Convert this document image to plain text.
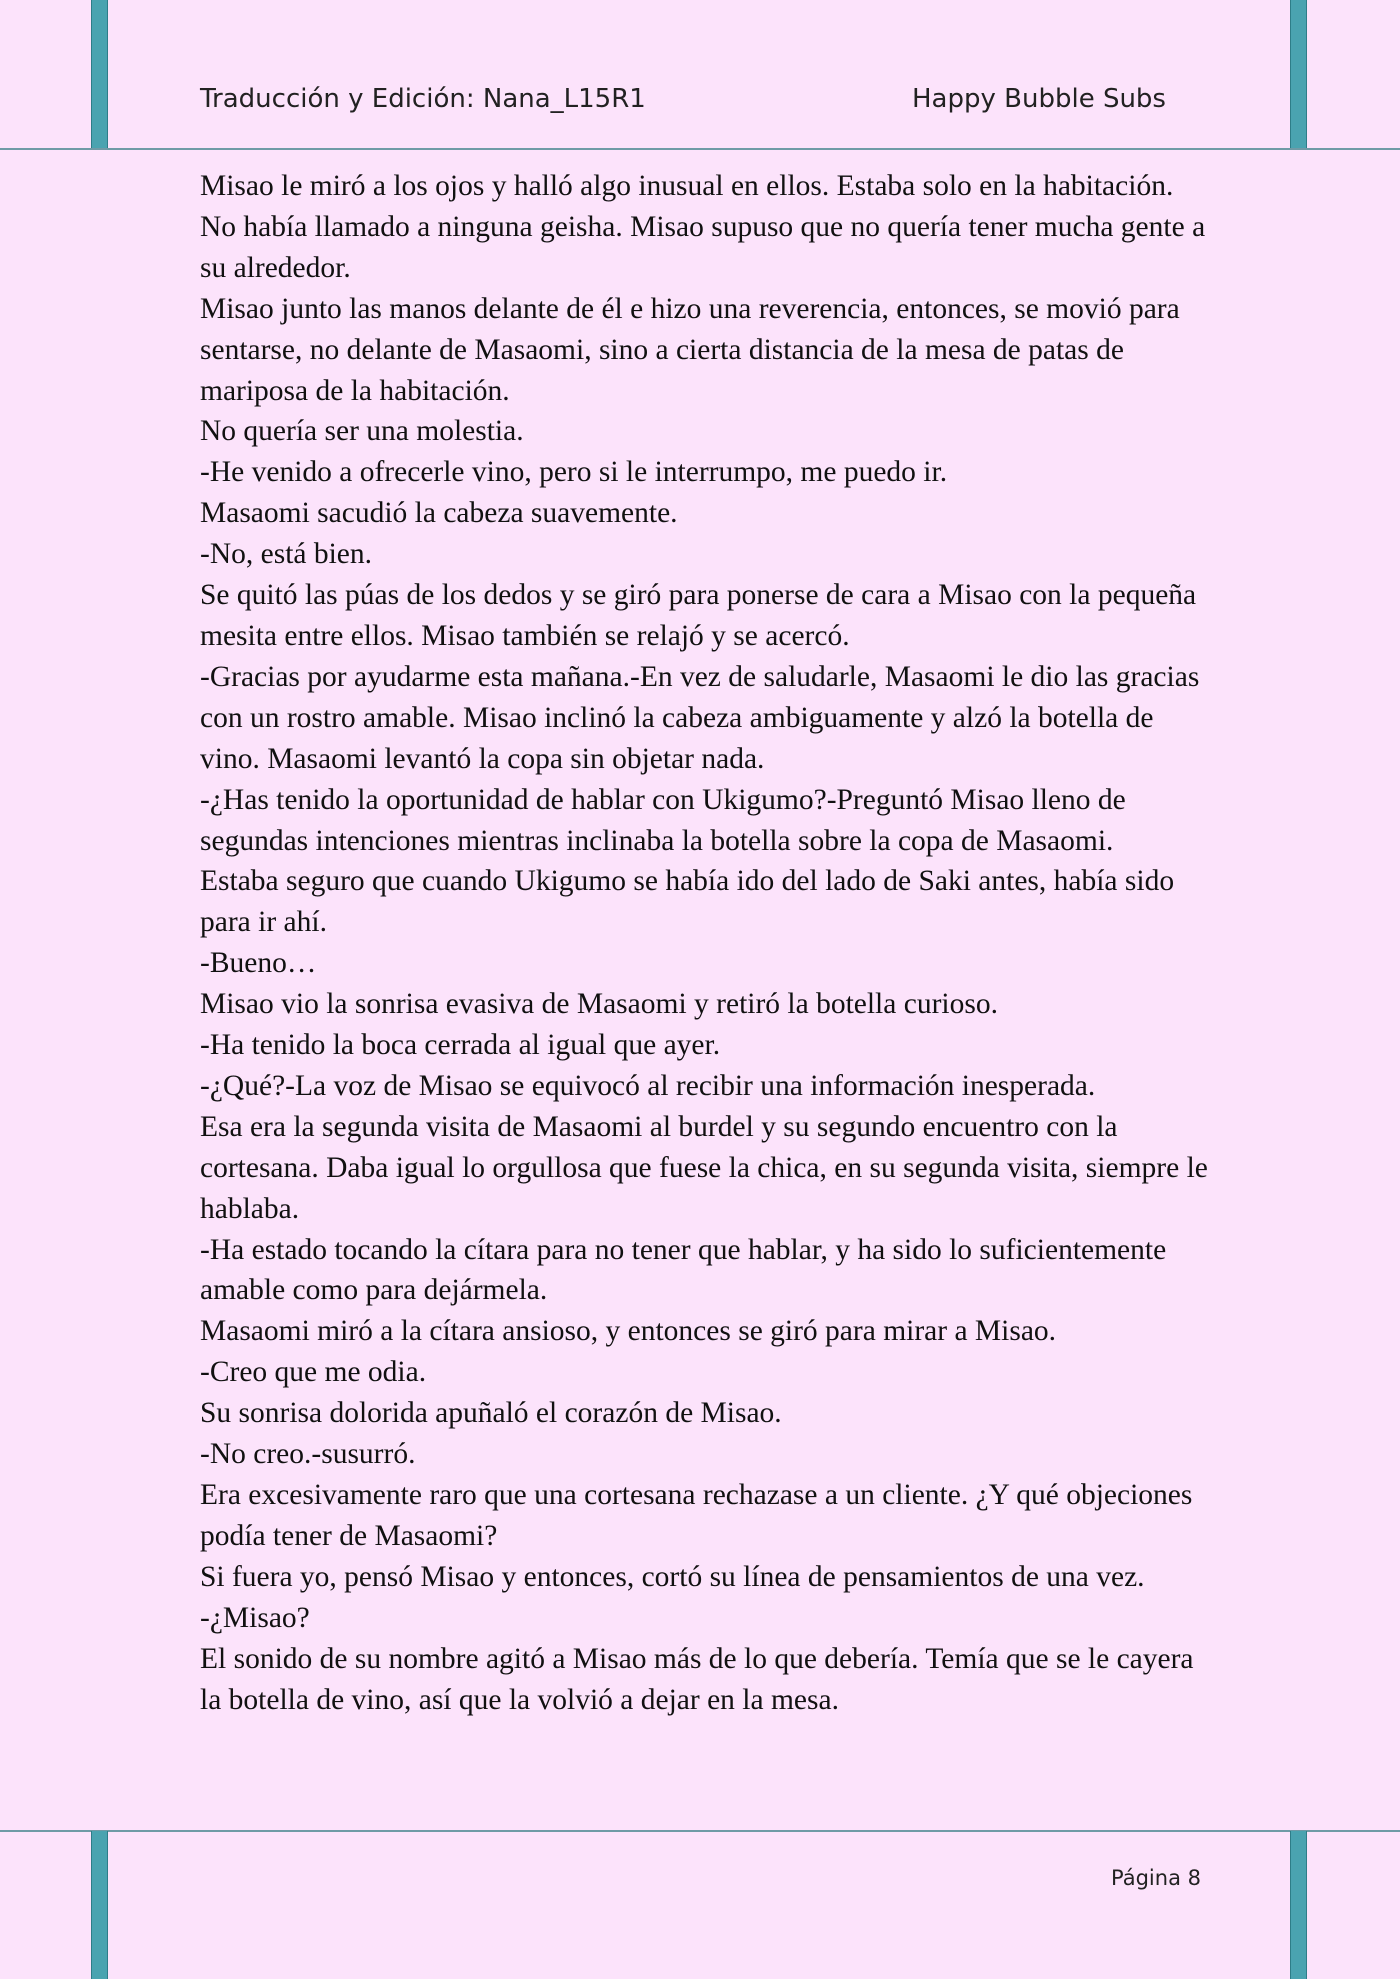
Traducción y Edición: Nana_L15R1	Happy Bubble Subs

Misao le miró a los ojos y halló algo inusual en ellos. Estaba solo en la habitación. No había llamado a ninguna geisha. Misao supuso que no quería tener mucha gente a su alrededor.

Misao junto las manos delante de él e hizo una reverencia, entonces, se movió para sentarse, no delante de Masaomi, sino a cierta distancia de la mesa de patas de mariposa de la habitación.

No quería ser una molestia.

-He venido a ofrecerle vino, pero si le interrumpo, me puedo ir.

Masaomi sacudió la cabeza suavemente.

-No, está bien.

Se quitó las púas de los dedos y se giró para ponerse de cara a Misao con la pequeña mesita entre ellos. Misao también se relajó y se acercó.

-Gracias por ayudarme esta mañana.-En vez de saludarle, Masaomi le dio las gracias con un rostro amable. Misao inclinó la cabeza ambiguamente y alzó la botella de vino. Masaomi levantó la copa sin objetar nada.

-¿Has tenido la oportunidad de hablar con Ukigumo?-Preguntó Misao lleno de segundas intenciones mientras inclinaba la botella sobre la copa de Masaomi.

Estaba seguro que cuando Ukigumo se había ido del lado de Saki antes, había sido para ir ahí.

-Bueno…

Misao vio la sonrisa evasiva de Masaomi y retiró la botella curioso.

-Ha tenido la boca cerrada al igual que ayer.

-¿Qué?-La voz de Misao se equivocó al recibir una información inesperada.

Esa era la segunda visita de Masaomi al burdel y su segundo encuentro con la cortesana. Daba igual lo orgullosa que fuese la chica, en su segunda visita, siempre le hablaba.

-Ha estado tocando la cítara para no tener que hablar, y ha sido lo suficientemente amable como para dejármela.

Masaomi miró a la cítara ansioso, y entonces se giró para mirar a Misao.

-Creo que me odia.

Su sonrisa dolorida apuñaló el corazón de Misao.

-No creo.-susurró.

Era excesivamente raro que una cortesana rechazase a un cliente. ¿Y qué objeciones podía tener de Masaomi?

Si fuera yo, pensó Misao y entonces, cortó su línea de pensamientos de una vez.

-¿Misao?

El sonido de su nombre agitó a Misao más de lo que debería. Temía que se le cayera la botella de vino, así que la volvió a dejar en la mesa.

Página 8
